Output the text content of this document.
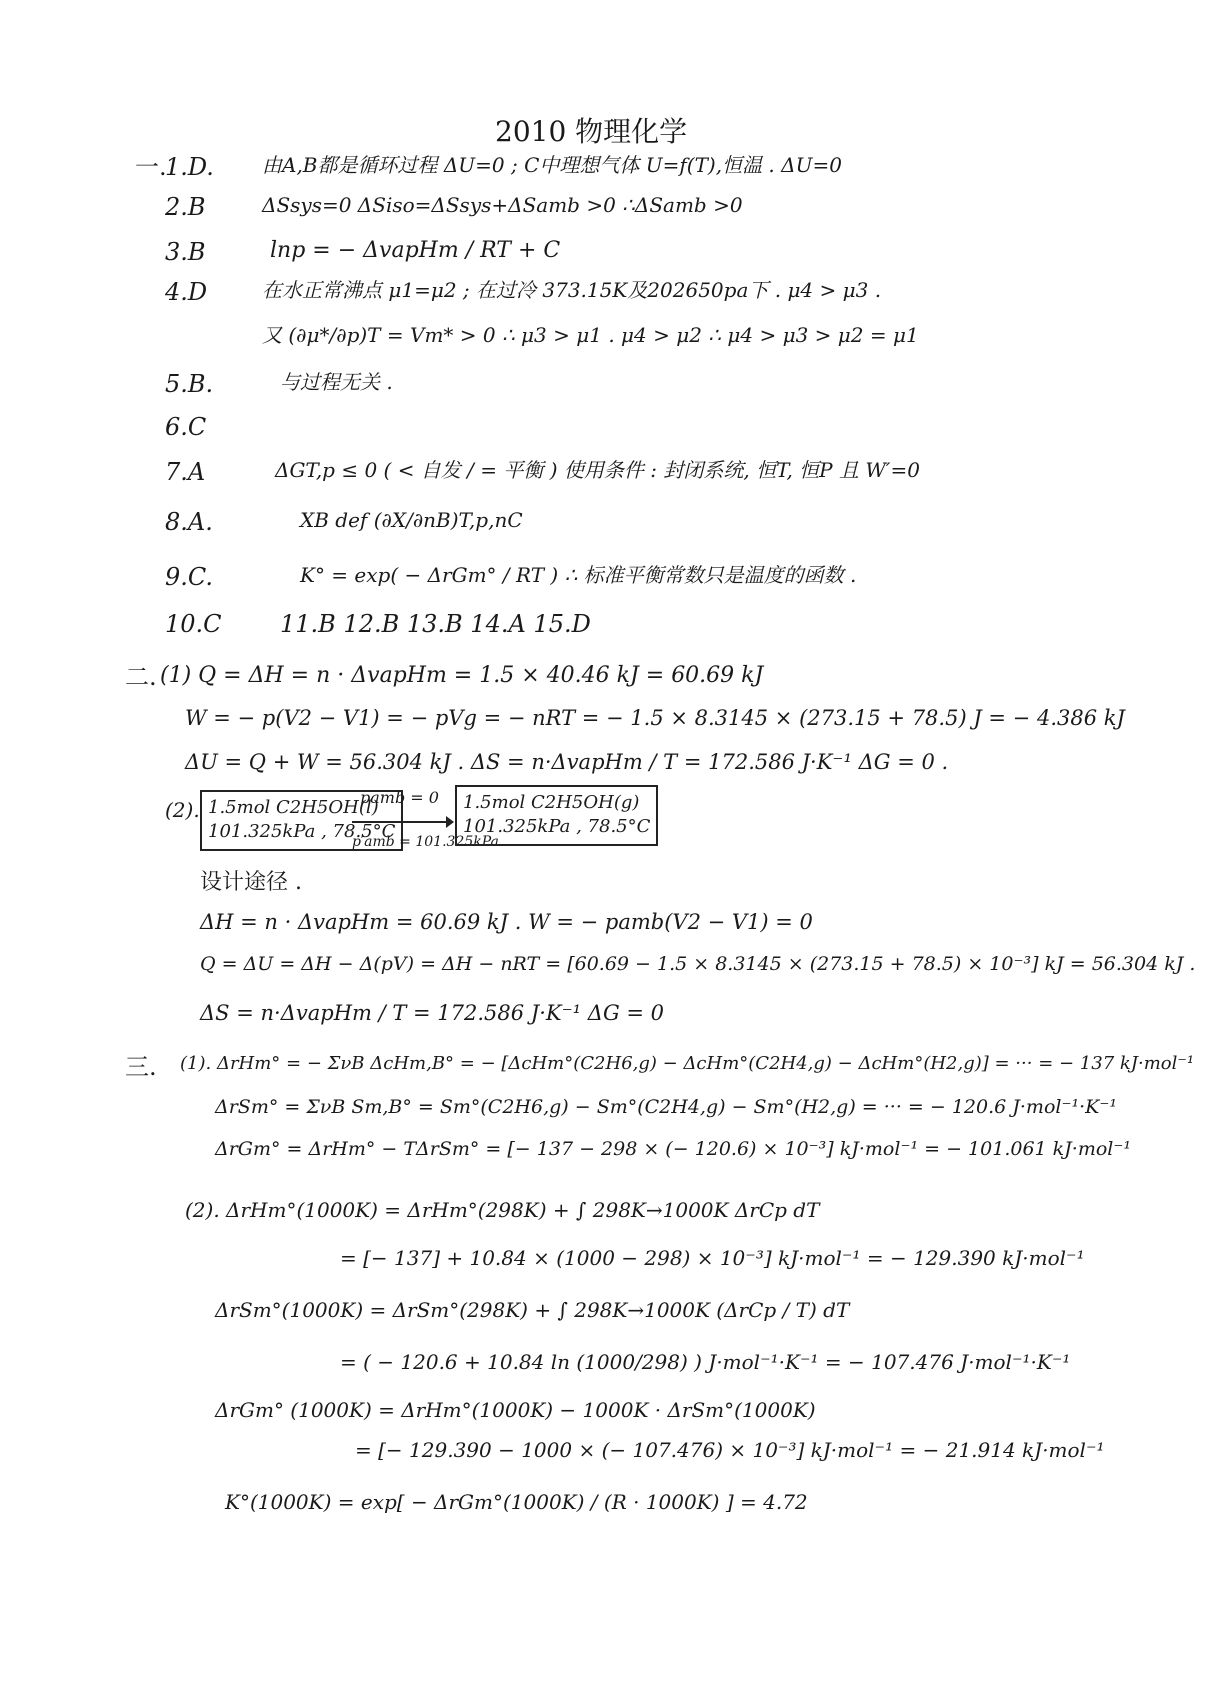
2010 物理化学
一.
1.D. 由A,B都是循环过程 ΔU=0 ; C中理想气体 U=f(T),恒温 . ΔU=0
2.B	ΔSsys=0 ΔSiso=ΔSsys+ΔSamb >0 ∴ΔSamb >0
3.B	lnp = − ΔvapHm / RT + C
4.D	在水正常沸点 μ1=μ2 ; 在过冷 373.15K及202650pa下 . μ4 > μ3 .
又 (∂μ*/∂p)T = Vm* > 0 ∴ μ3 > μ1 . μ4 > μ2 ∴ μ4 > μ3 > μ2 = μ1
5.B.	与过程无关 .
6.C
7.A	ΔGT,p ≤ 0 ( < 自发 / = 平衡 ) 使用条件 : 封闭系统, 恒T, 恒P 且 W′=0
8.A.	XB def (∂X/∂nB)T,p,nC
9.C.	K° = exp( − ΔrGm° / RT ) ∴ 标准平衡常数只是温度的函数 .
10.C 11.B 12.B 13.B 14.A 15.D
二. (1) Q = ΔH = n · ΔvapHm = 1.5 × 40.46 kJ = 60.69 kJ
W = − p(V2 − V1) = − pVg = − nRT = − 1.5 × 8.3145 × (273.15 + 78.5) J = − 4.386 kJ
ΔU = Q + W = 56.304 kJ . ΔS = n·ΔvapHm / T = 172.586 J·K⁻¹ ΔG = 0 .
(2). 1.5mol C2H5OH(l)
101.325kPa , 78.5°C
pamb = 0
p′amb = 101.325kPa
1.5mol C2H5OH(g)
101.325kPa , 78.5°C
设计途径 .
ΔH = n · ΔvapHm = 60.69 kJ . W = − pamb(V2 − V1) = 0
Q = ΔU = ΔH − Δ(pV) = ΔH − nRT = [60.69 − 1.5 × 8.3145 × (273.15 + 78.5) × 10⁻³] kJ = 56.304 kJ .
ΔS = n·ΔvapHm / T = 172.586 J·K⁻¹ ΔG = 0
三. (1). ΔrHm° = − ΣνB ΔcHm,B° = − [ΔcHm°(C2H6,g) − ΔcHm°(C2H4,g) − ΔcHm°(H2,g)] = ··· = − 137 kJ·mol⁻¹
ΔrSm° = ΣνB Sm,B° = Sm°(C2H6,g) − Sm°(C2H4,g) − Sm°(H2,g) = ··· = − 120.6 J·mol⁻¹·K⁻¹
ΔrGm° = ΔrHm° − TΔrSm° = [− 137 − 298 × (− 120.6) × 10⁻³] kJ·mol⁻¹ = − 101.061 kJ·mol⁻¹
(2). ΔrHm°(1000K) = ΔrHm°(298K) + ∫ 298K→1000K ΔrCp dT
= [− 137] + 10.84 × (1000 − 298) × 10⁻³] kJ·mol⁻¹ = − 129.390 kJ·mol⁻¹
ΔrSm°(1000K) = ΔrSm°(298K) + ∫ 298K→1000K (ΔrCp / T) dT
= ( − 120.6 + 10.84 ln (1000/298) ) J·mol⁻¹·K⁻¹ = − 107.476 J·mol⁻¹·K⁻¹
ΔrGm° (1000K) = ΔrHm°(1000K) − 1000K · ΔrSm°(1000K)
= [− 129.390 − 1000 × (− 107.476) × 10⁻³] kJ·mol⁻¹ = − 21.914 kJ·mol⁻¹
K°(1000K) = exp[ − ΔrGm°(1000K) / (R · 1000K) ] = 4.72
